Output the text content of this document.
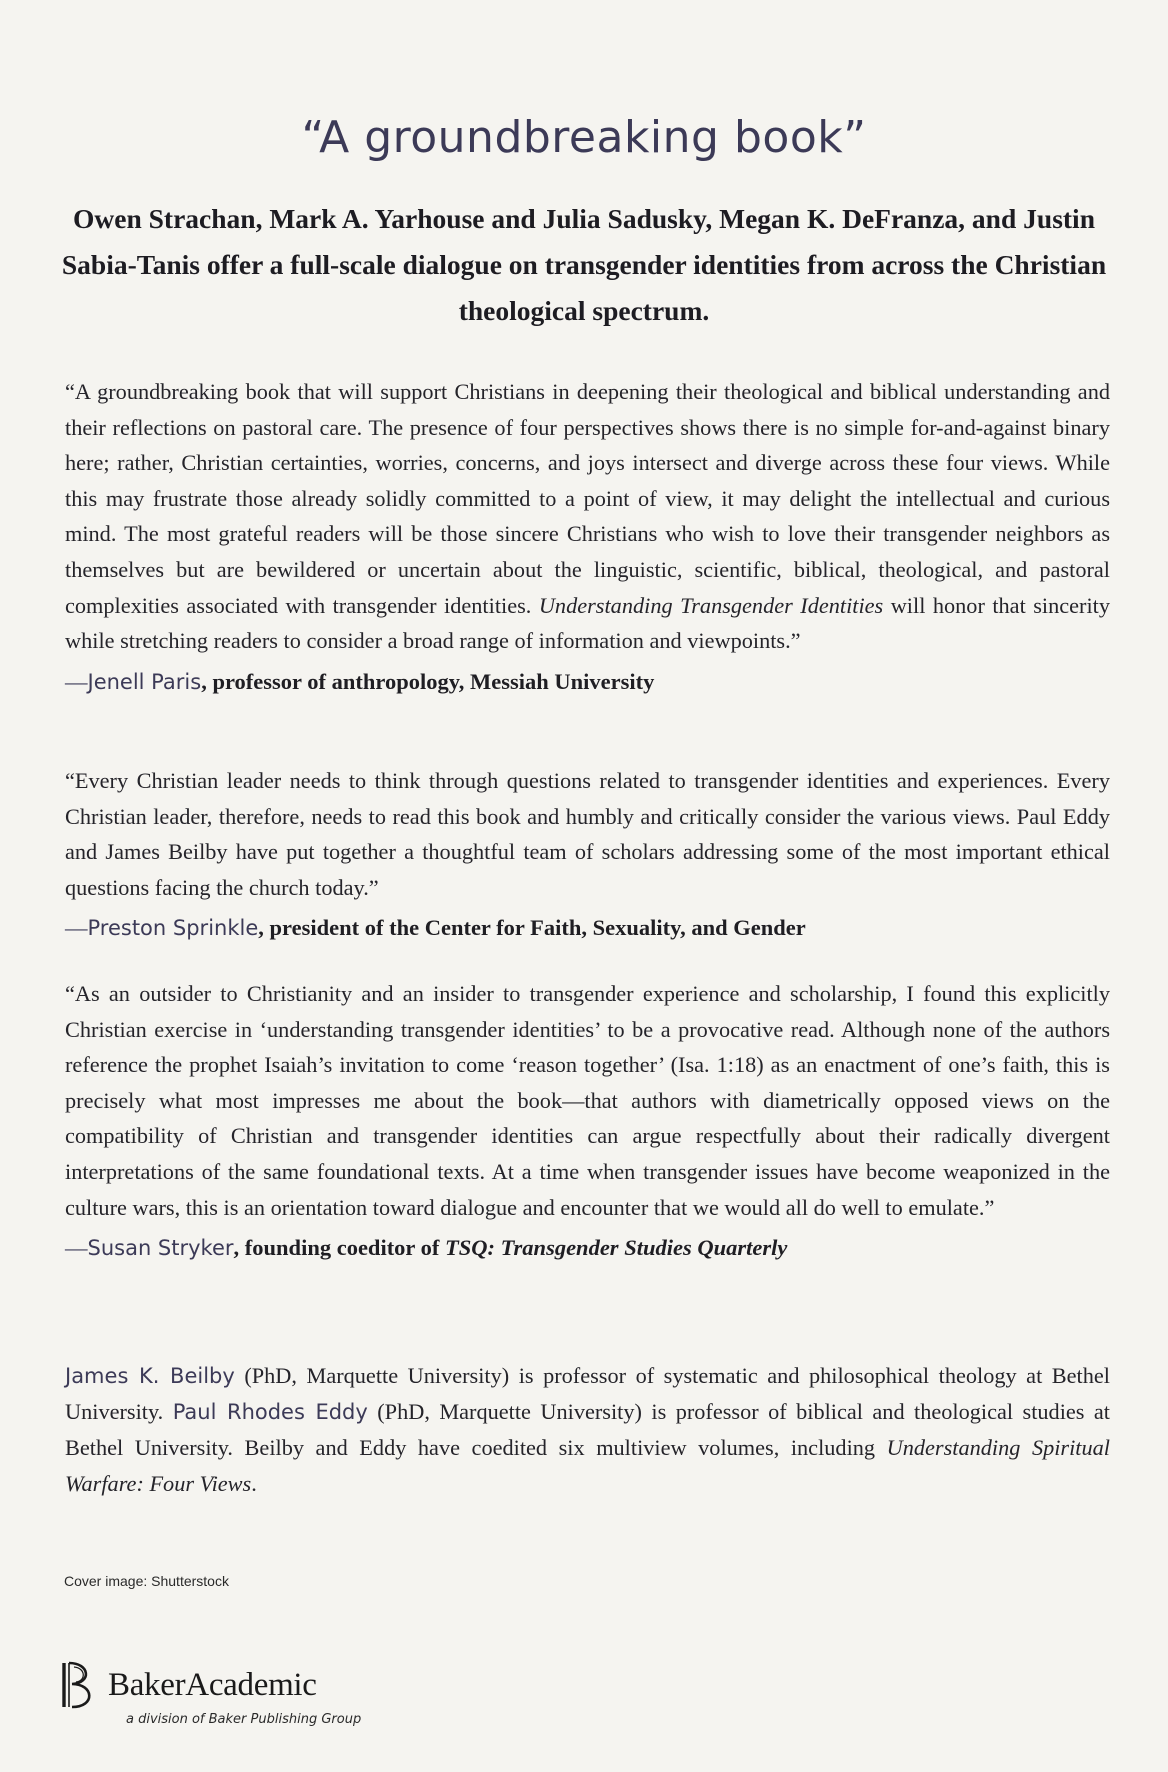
“A groundbreaking book”
Owen Strachan, Mark A. Yarhouse and Julia Sadusky, Megan K. DeFranza, and Justin Sabia-Tanis offer a full-scale dialogue on transgender identities from across the Christian theological spectrum.

“A groundbreaking book that will support Christians in deepening their theological and biblical understanding and their reflections on pastoral care. The presence of four perspectives shows there is no simple for-and-against binary here; rather, Christian certainties, worries, concerns, and joys intersect and diverge across these four views. While this may frustrate those already solidly committed to a point of view, it may delight the intellectual and curious mind. The most grateful readers will be those sincere Christians who wish to love their transgender neighbors as themselves but are bewildered or uncertain about the linguistic, scientific, biblical, theological, and pastoral complexities associated with transgender identities. Understanding Transgender Identities will honor that sincerity while stretching readers to consider a broad range of information and viewpoints.”

—Jenell Paris, professor of anthropology, Messiah University

“Every Christian leader needs to think through questions related to transgender identities and experiences. Every Christian leader, therefore, needs to read this book and humbly and critically consider the various views. Paul Eddy and James Beilby have put together a thoughtful team of scholars addressing some of the most important ethical questions facing the church today.”

—Preston Sprinkle, president of the Center for Faith, Sexuality, and Gender

“As an outsider to Christianity and an insider to transgender experience and scholarship, I found this explicitly Christian exercise in ‘understanding transgender identities’ to be a provocative read. Although none of the authors reference the prophet Isaiah’s invitation to come ‘reason together’ (Isa. 1:18) as an enactment of one’s faith, this is precisely what most impresses me about the book—that authors with diametrically opposed views on the compatibility of Christian and transgender identities can argue respectfully about their radically divergent interpretations of the same foundational texts. At a time when transgender issues have become weaponized in the culture wars, this is an orientation toward dialogue and encounter that we would all do well to emulate.”

—Susan Stryker, founding coeditor of TSQ: Transgender Studies Quarterly

James K. Beilby (PhD, Marquette University) is professor of systematic and philosophical theology at Bethel University. Paul Rhodes Eddy (PhD, Marquette University) is professor of biblical and theological studies at Bethel University. Beilby and Eddy have coedited six multiview volumes, including Understanding Spiritual Warfare: Four Views.

Cover image: Shutterstock
BakerAcademic
a division of Baker Publishing Group
